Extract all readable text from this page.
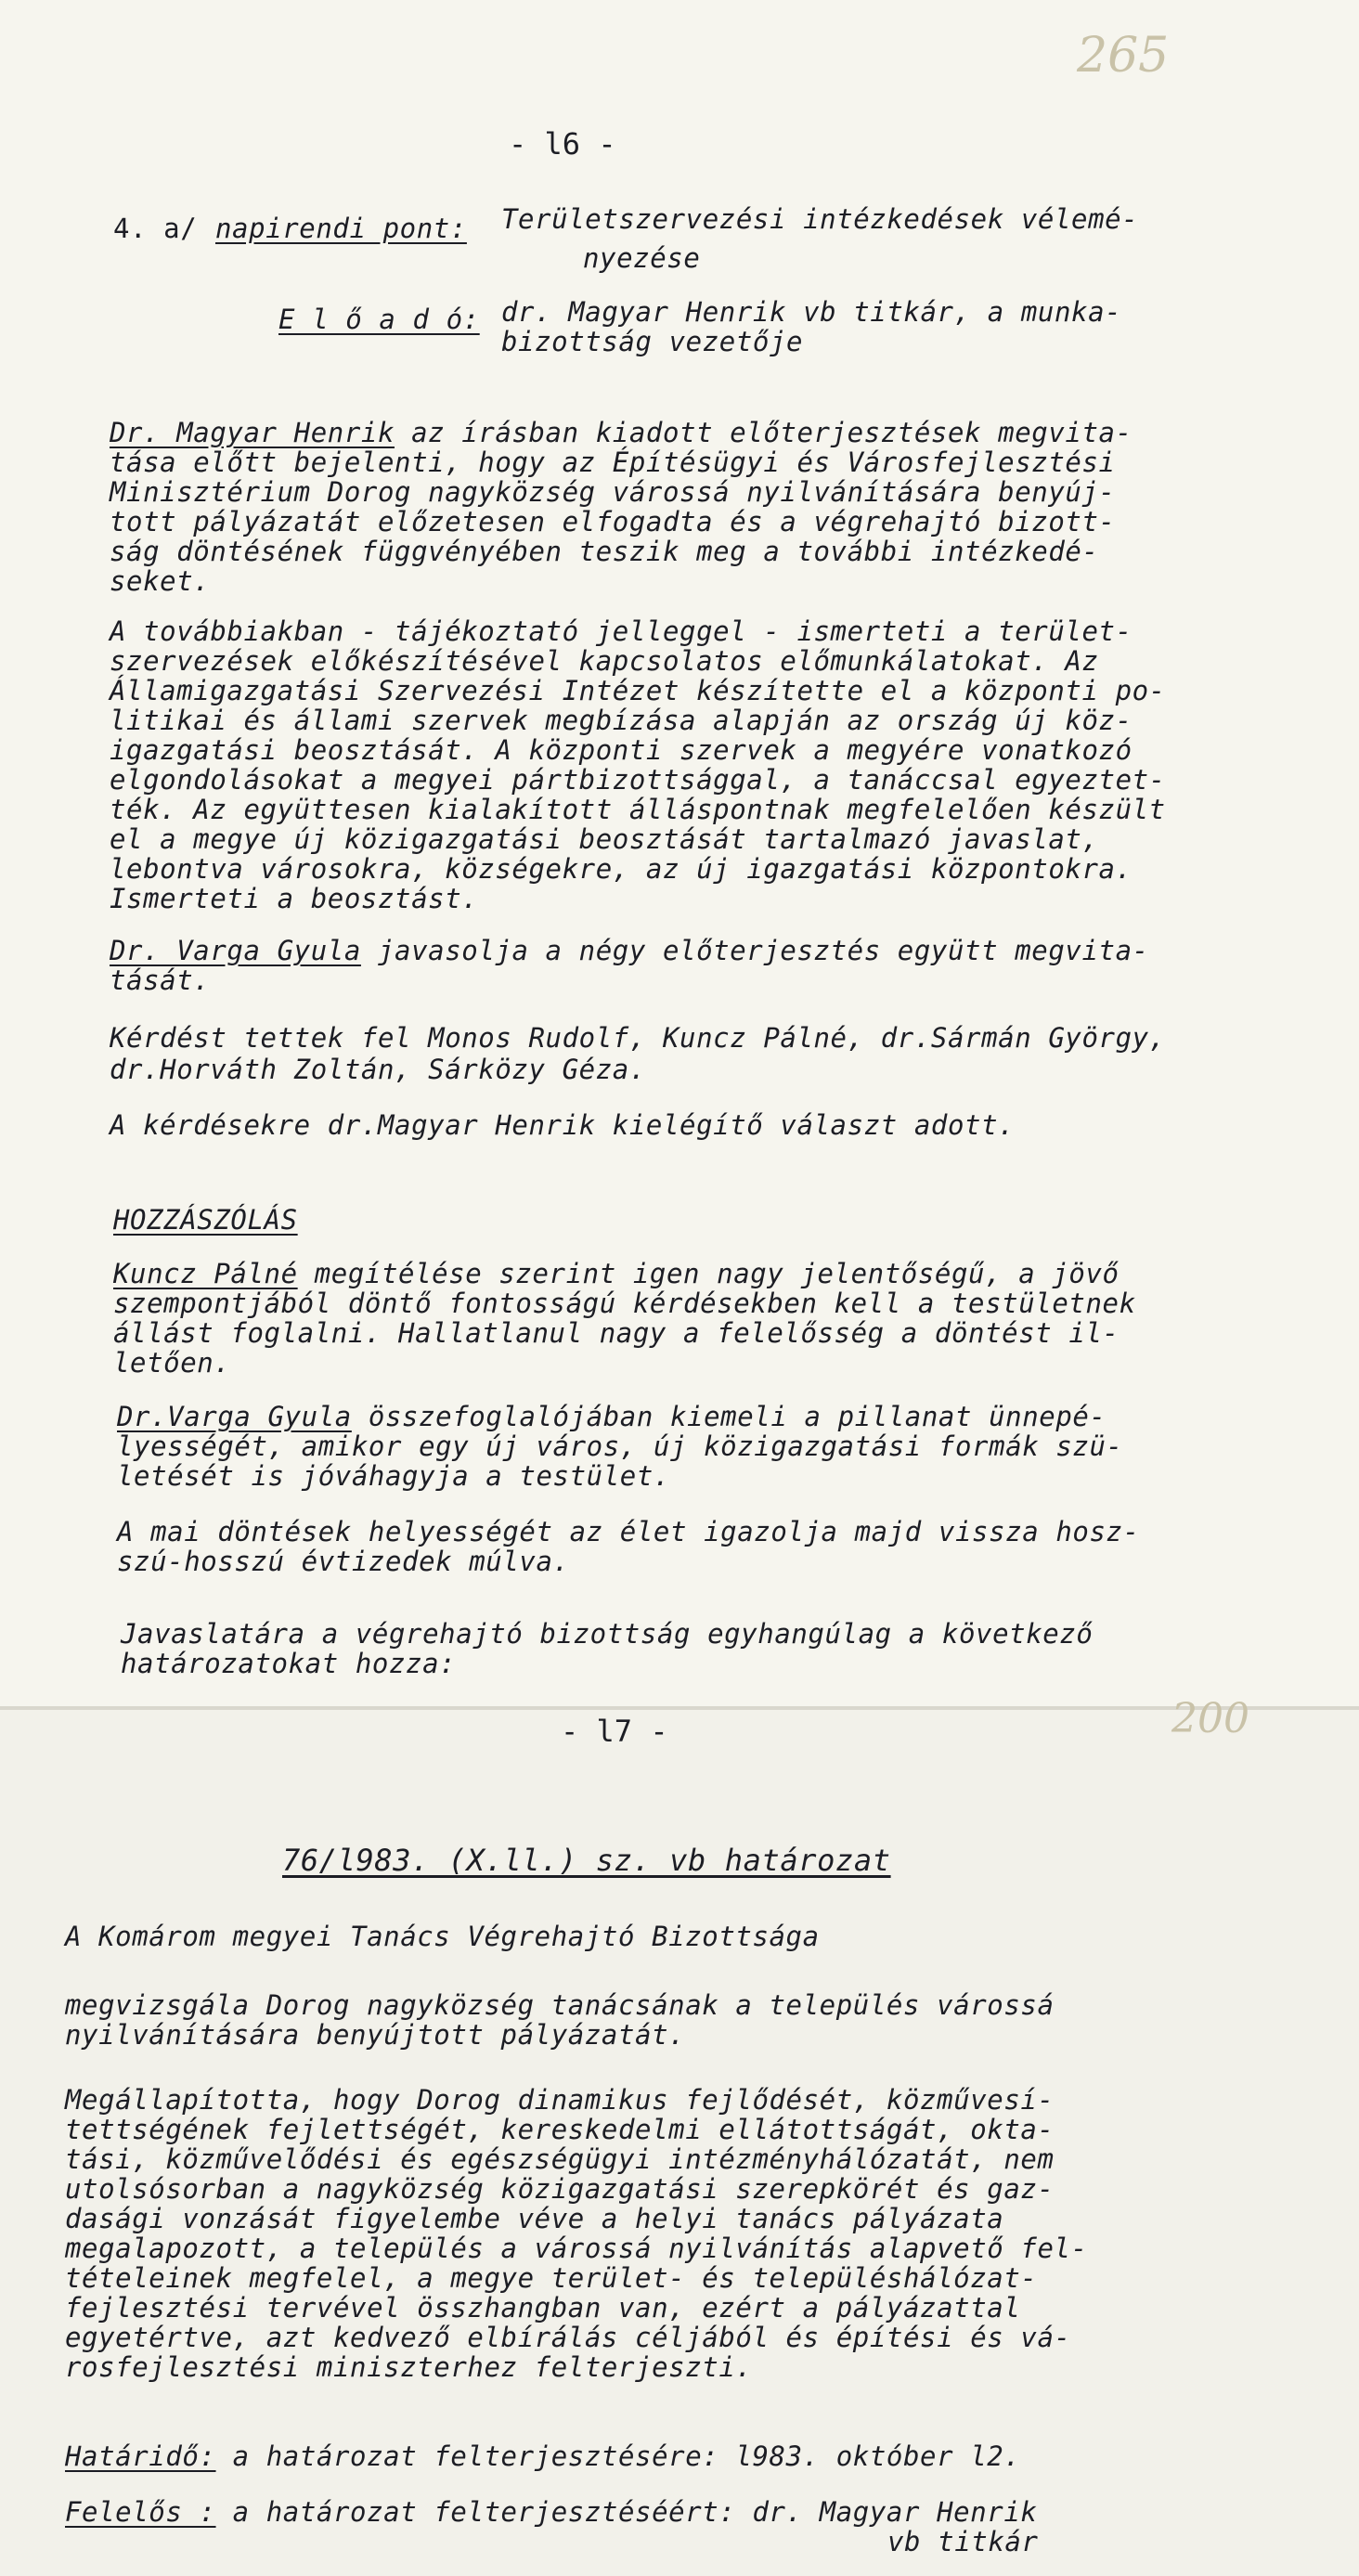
265
- l6 -
4. a/ napirendi pont: Területszervezési intézkedések vélemé-
nyezése
E l ő a d ó: dr. Magyar Henrik vb titkár, a munka-
bizottság vezetője
Dr. Magyar Henrik az írásban kiadott előterjesztések megvita-
tása előtt bejelenti, hogy az Építésügyi és Városfejlesztési
Minisztérium Dorog nagyközség várossá nyilvánítására benyúj-
tott pályázatát előzetesen elfogadta és a végrehajtó bizott-
ság döntésének függvényében teszik meg a további intézkedé-
seket.
A továbbiakban - tájékoztató jelleggel - ismerteti a terület-
szervezések előkészítésével kapcsolatos előmunkálatokat. Az
Államigazgatási Szervezési Intézet készítette el a központi po-
litikai és állami szervek megbízása alapján az ország új köz-
igazgatási beosztását. A központi szervek a megyére vonatkozó
elgondolásokat a megyei pártbizottsággal, a tanáccsal egyeztet-
ték. Az együttesen kialakított álláspontnak megfelelően készült
el a megye új közigazgatási beosztását tartalmazó javaslat,
lebontva városokra, községekre, az új igazgatási központokra.
Ismerteti a beosztást.
Dr. Varga Gyula javasolja a négy előterjesztés együtt megvita-
tását.
Kérdést tettek fel Monos Rudolf, Kuncz Pálné, dr.Sármán György,
dr.Horváth Zoltán, Sárközy Géza.
A kérdésekre dr.Magyar Henrik kielégítő választ adott.
HOZZÁSZÓLÁS
Kuncz Pálné megítélése szerint igen nagy jelentőségű, a jövő
szempontjából döntő fontosságú kérdésekben kell a testületnek
állást foglalni. Hallatlanul nagy a felelősség a döntést il-
letően.
Dr.Varga Gyula összefoglalójában kiemeli a pillanat ünnepé-
lyességét, amikor egy új város, új közigazgatási formák szü-
letését is jóváhagyja a testület.
A mai döntések helyességét az élet igazolja majd vissza hosz-
szú-hosszú évtizedek múlva.
Javaslatára a végrehajtó bizottság egyhangúlag a következő
határozatokat hozza:
200
- l7 -
76/l983. (X.ll.) sz. vb határozat
A Komárom megyei Tanács Végrehajtó Bizottsága
megvizsgála Dorog nagyközség tanácsának a település várossá
nyilvánítására benyújtott pályázatát.
Megállapította, hogy Dorog dinamikus fejlődését, közművesí-
tettségének fejlettségét, kereskedelmi ellátottságát, okta-
tási, közművelődési és egészségügyi intézményhálózatát, nem
utolsósorban a nagyközség közigazgatási szerepkörét és gaz-
dasági vonzását figyelembe véve a helyi tanács pályázata
megalapozott, a település a várossá nyilvánítás alapvető fel-
tételeinek megfelel, a megye terület- és településhálózat-
fejlesztési tervével összhangban van, ezért a pályázattal
egyetértve, azt kedvező elbírálás céljából és építési és vá-
rosfejlesztési miniszterhez felterjeszti.
Határidő: a határozat felterjesztésére: l983. október l2.
Felelős : a határozat felterjesztéséért: dr. Magyar Henrik
vb titkár
